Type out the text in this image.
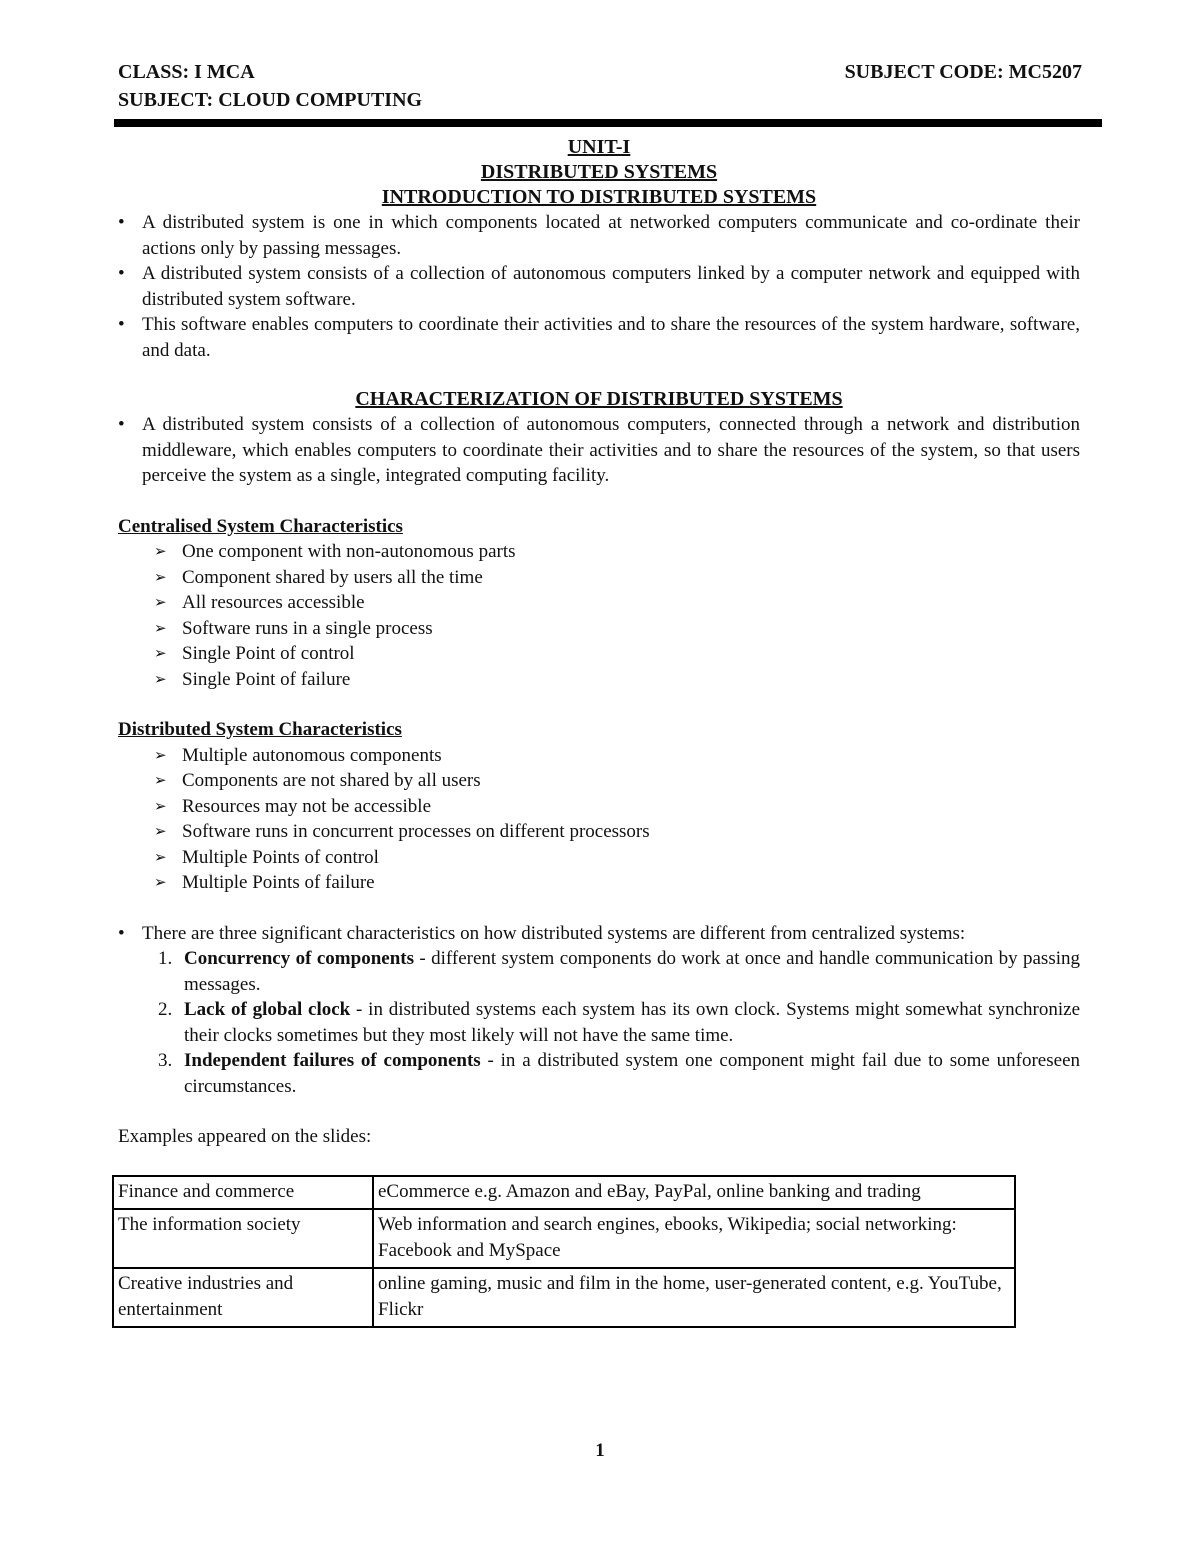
CLASS: I MCA	SUBJECT CODE: MC5207
SUBJECT: CLOUD COMPUTING
UNIT-I
DISTRIBUTED SYSTEMS
INTRODUCTION TO DISTRIBUTED SYSTEMS
• A distributed system is one in which components located at networked computers communicate and co-ordinate their actions only by passing messages.
• A distributed system consists of a collection of autonomous computers linked by a computer network and equipped with distributed system software.
• This software enables computers to coordinate their activities and to share the resources of the system hardware, software, and data.
CHARACTERIZATION OF DISTRIBUTED SYSTEMS
• A distributed system consists of a collection of autonomous computers, connected through a network and distribution middleware, which enables computers to coordinate their activities and to share the resources of the system, so that users perceive the system as a single, integrated computing facility.
Centralised System Characteristics
➢ One component with non-autonomous parts
➢ Component shared by users all the time
➢ All resources accessible
➢ Software runs in a single process
➢ Single Point of control
➢ Single Point of failure
Distributed System Characteristics
➢ Multiple autonomous components
➢ Components are not shared by all users
➢ Resources may not be accessible
➢ Software runs in concurrent processes on different processors
➢ Multiple Points of control
➢ Multiple Points of failure
• There are three significant characteristics on how distributed systems are different from centralized systems:
1. Concurrency of components - different system components do work at once and handle communication by passing messages.
2. Lack of global clock - in distributed systems each system has its own clock. Systems might somewhat synchronize their clocks sometimes but they most likely will not have the same time.
3. Independent failures of components - in a distributed system one component might fail due to some unforeseen circumstances.
Examples appeared on the slides:
Finance and commerce	eCommerce e.g. Amazon and eBay, PayPal, online banking and trading
The information society	Web information and search engines, ebooks, Wikipedia; social networking: Facebook and MySpace
Creative industries and entertainment	online gaming, music and film in the home, user-generated content, e.g. YouTube, Flickr
1
